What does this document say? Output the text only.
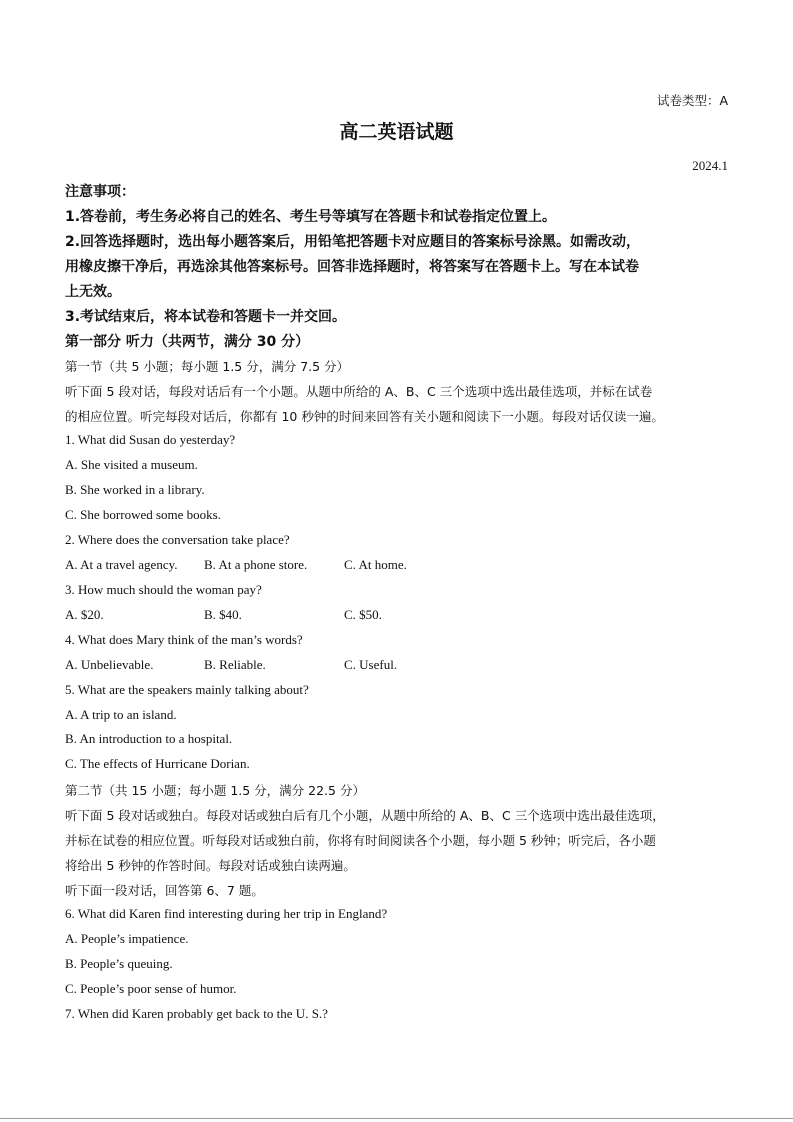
试卷类型：A
高二英语试题
2024.1
注意事项：
1.答卷前，考生务必将自己的姓名、考生号等填写在答题卡和试卷指定位置上。
2.回答选择题时，选出每小题答案后，用铅笔把答题卡对应题目的答案标号涂黑。如需改动，
用橡皮擦干净后，再选涂其他答案标号。回答非选择题时，将答案写在答题卡上。写在本试卷
上无效。
3.考试结束后，将本试卷和答题卡一并交回。
第一部分 听力（共两节，满分 30 分）
第一节（共 5 小题；每小题 1.5 分，满分 7.5 分）
听下面 5 段对话，每段对话后有一个小题。从题中所给的 A、B、C 三个选项中选出最佳选项，并标在试卷
的相应位置。听完每段对话后，你都有 10 秒钟的时间来回答有关小题和阅读下一小题。每段对话仅读一遍。
1. What did Susan do yesterday?
A. She visited a museum.
B. She worked in a library.
C. She borrowed some books.
2. Where does the conversation take place?
A. At a travel agency. B. At a phone store.	C. At home.
3. How much should the woman pay?
A. $20.	B. $40.	C. $50.
4. What does Mary think of the man’s words?
A. Unbelievable.	B. Reliable.	C. Useful.
5. What are the speakers mainly talking about?
A. A trip to an island.
B. An introduction to a hospital.
C. The effects of Hurricane Dorian.
第二节（共 15 小题；每小题 1.5 分，满分 22.5 分）
听下面 5 段对话或独白。每段对话或独白后有几个小题，从题中所给的 A、B、C 三个选项中选出最佳选项，
并标在试卷的相应位置。听每段对话或独白前，你将有时间阅读各个小题，每小题 5 秒钟；听完后，各小题
将给出 5 秒钟的作答时间。每段对话或独白读两遍。
听下面一段对话，回答第 6、7 题。
6. What did Karen find interesting during her trip in England?
A. People’s impatience.
B. People’s queuing.
C. People’s poor sense of humor.
7. When did Karen probably get back to the U. S.?
